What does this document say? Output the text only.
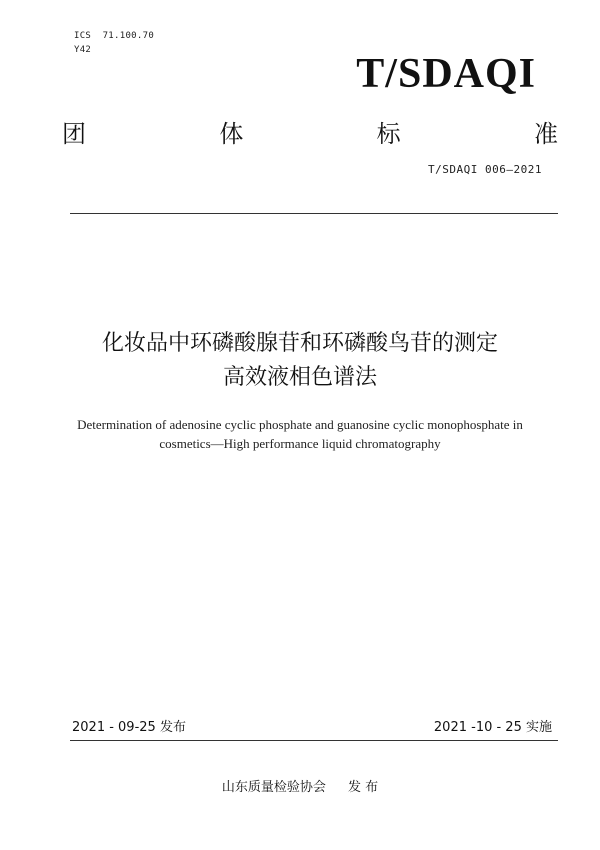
ICS  71.100.70
Y42
T/SDAQI
团	体	标	准
T/SDAQI 006—2021
化妆品中环磷酸腺苷和环磷酸鸟苷的测定
高效液相色谱法
Determination of adenosine cyclic phosphate and guanosine cyclic monophosphate in
cosmetics—High performance liquid chromatography
2021 - 09-25 发布	2021 -10 - 25 实施
山东质量检验协会 发 布
